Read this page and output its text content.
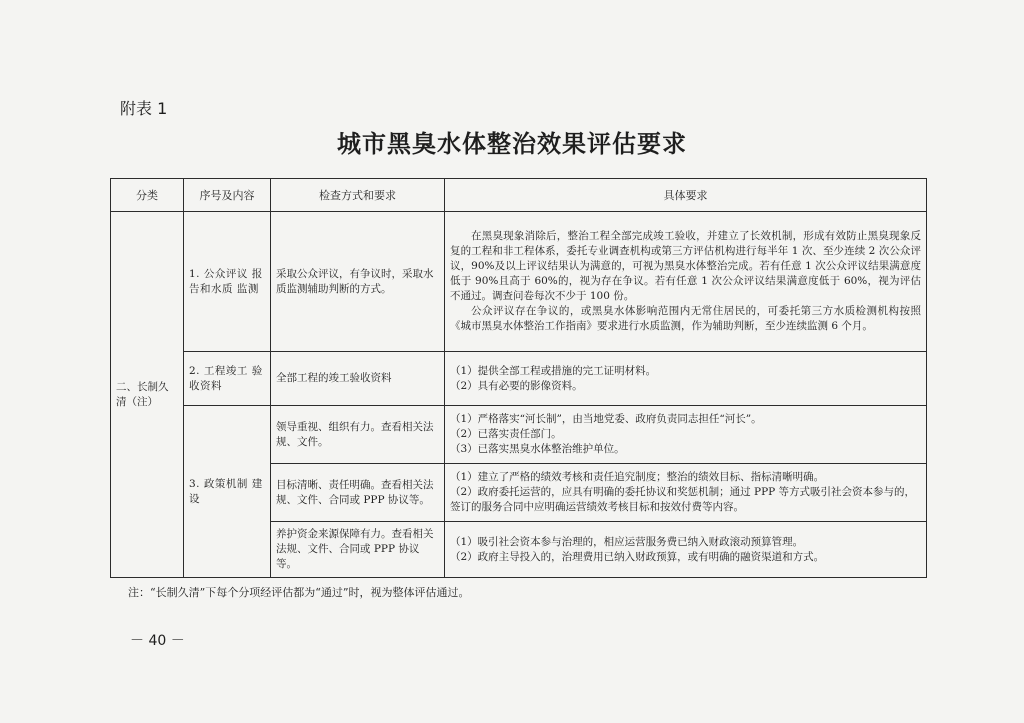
附表 1
城市黑臭水体整治效果评估要求
分类	序号及内容	检查方式和要求	具体要求
二、长制久清（注）	1. 公众评议 报告和水质 监测	采取公众评议，有争议时，采取水质监测辅助判断的方式。	在黑臭现象消除后，整治工程全部完成竣工验收，并建立了长效机制，形成有效防止黑臭现象反复的工程和非工程体系，委托专业调查机构或第三方评估机构进行每半年 1 次、至少连续 2 次公众评议，90%及以上评议结果认为满意的，可视为黑臭水体整治完成。若有任意 1 次公众评议结果满意度低于 90%且高于 60%的，视为存在争议。若有任意 1 次公众评议结果满意度低于 60%，视为评估不通过。调查问卷每次不少于 100 份。
公众评议存在争议的，或黑臭水体影响范围内无常住居民的，可委托第三方水质检测机构按照《城市黑臭水体整治工作指南》要求进行水质监测，作为辅助判断，至少连续监测 6 个月。

	2. 工程竣工 验收资料	全部工程的竣工验收资料	（1）提供全部工程或措施的完工证明材料。
（2）具有必要的影像资料。

	3. 政策机制 建设	领导重视、组织有力。查看相关法规、文件。	（1）严格落实“河长制”，由当地党委、政府负责同志担任“河长”。
（2）已落实责任部门。
（3）已落实黑臭水体整治维护单位。

		目标清晰、责任明确。查看相关法规、文件、合同或 PPP 协议等。	（1）建立了严格的绩效考核和责任追究制度；整治的绩效目标、指标清晰明确。
（2）政府委托运营的，应具有明确的委托协议和奖惩机制；通过 PPP 等方式吸引社会资本参与的，签订的服务合同中应明确运营绩效考核目标和按效付费等内容。

		养护资金来源保障有力。查看相关法规、文件、合同或 PPP 协议等。	（1）吸引社会资本参与治理的，相应运营服务费已纳入财政滚动预算管理。
（2）政府主导投入的，治理费用已纳入财政预算，或有明确的融资渠道和方式。
注：“长制久清”下每个分项经评估都为“通过”时，视为整体评估通过。
－ 40 －
